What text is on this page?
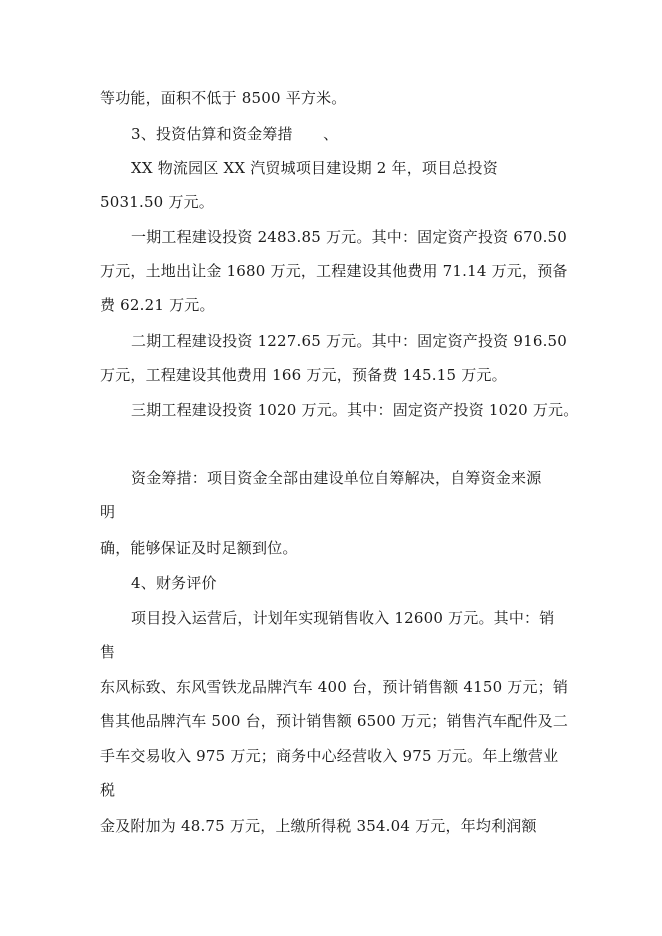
等功能，面积不低于 8500 平方米。
3、投资估算和资金筹措　　、
XX 物流园区 XX 汽贸城项目建设期 2 年，项目总投资
5031.50 万元。
一期工程建设投资 2483.85 万元。其中：固定资产投资 670.50
万元，土地出让金 1680 万元，工程建设其他费用 71.14 万元，预备
费 62.21 万元。
二期工程建设投资 1227.65 万元。其中：固定资产投资 916.50
万元，工程建设其他费用 166 万元，预备费 145.15 万元。
三期工程建设投资 1020 万元。其中：固定资产投资 1020 万元。
资金筹措：项目资金全部由建设单位自筹解决，自筹资金来源
明
确，能够保证及时足额到位。
4、财务评价
项目投入运营后，计划年实现销售收入 12600 万元。其中：销
售
东风标致、东风雪铁龙品牌汽车 400 台，预计销售额 4150 万元；销
售其他品牌汽车 500 台，预计销售额 6500 万元；销售汽车配件及二
手车交易收入 975 万元；商务中心经营收入 975 万元。年上缴营业
税
金及附加为 48.75 万元，上缴所得税 354.04 万元，年均利润额
